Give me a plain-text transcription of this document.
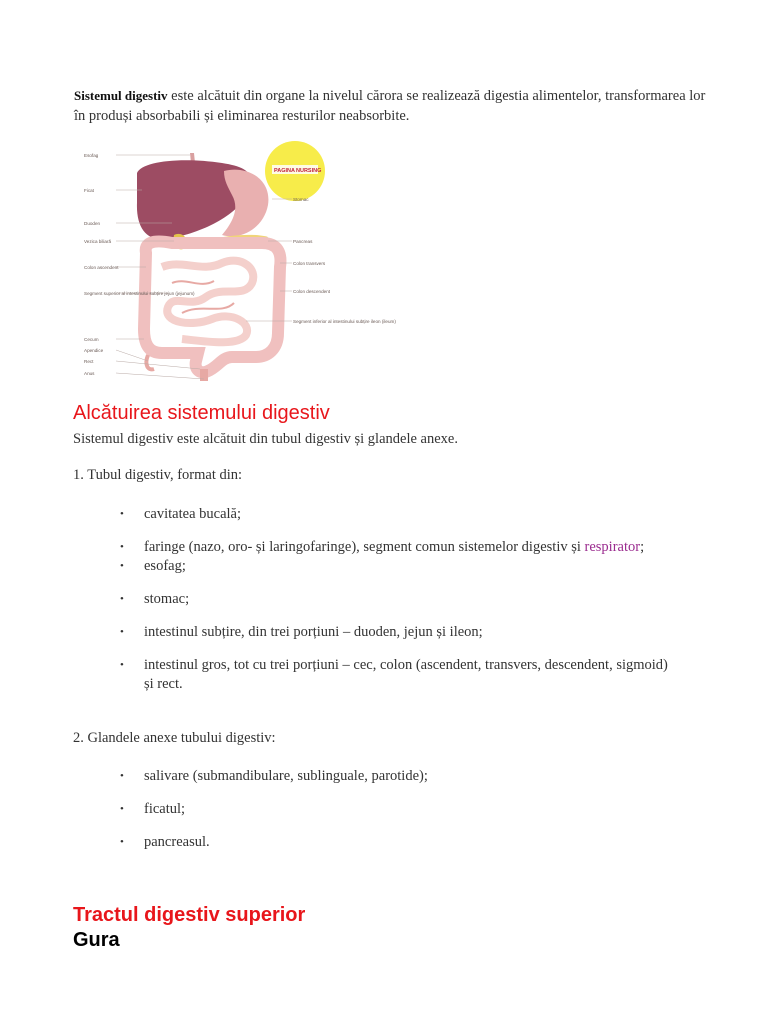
Sistemul digestiv este alcătuit din organe la nivelul cărora se realizează digestia alimentelor, transformarea lor în produși absorbabili și eliminarea resturilor neabsorbite.
PAGINA NURSING
Esofag
Ficat
Duoden
Vezica biliară
Colon ascendent
Segment superior al intestinului subțire jejun (jejunum)
Cecum
Apendice
Rect
Anus
Stomac
Pancreas
Colon transvers
Colon descendent
Segment inferior al intestinului subțire ileon (ileum)
Alcătuirea sistemului digestiv
Sistemul digestiv este alcătuit din tubul digestiv și glandele anexe.
1. Tubul digestiv, format din:
• cavitatea bucală;
• faringe (nazo, oro- și laringofaringe), segment comun sistemelor digestiv și respirator;
• esofag;
• stomac;
• intestinul subțire, din trei porțiuni – duoden, jejun și ileon;
• intestinul gros, tot cu trei porțiuni – cec, colon (ascendent, transvers, descendent, sigmoid) și rect.
2. Glandele anexe tubului digestiv:
• salivare (submandibulare, sublinguale, parotide);
• ficatul;
• pancreasul.
Tractul digestiv superior
Gura
